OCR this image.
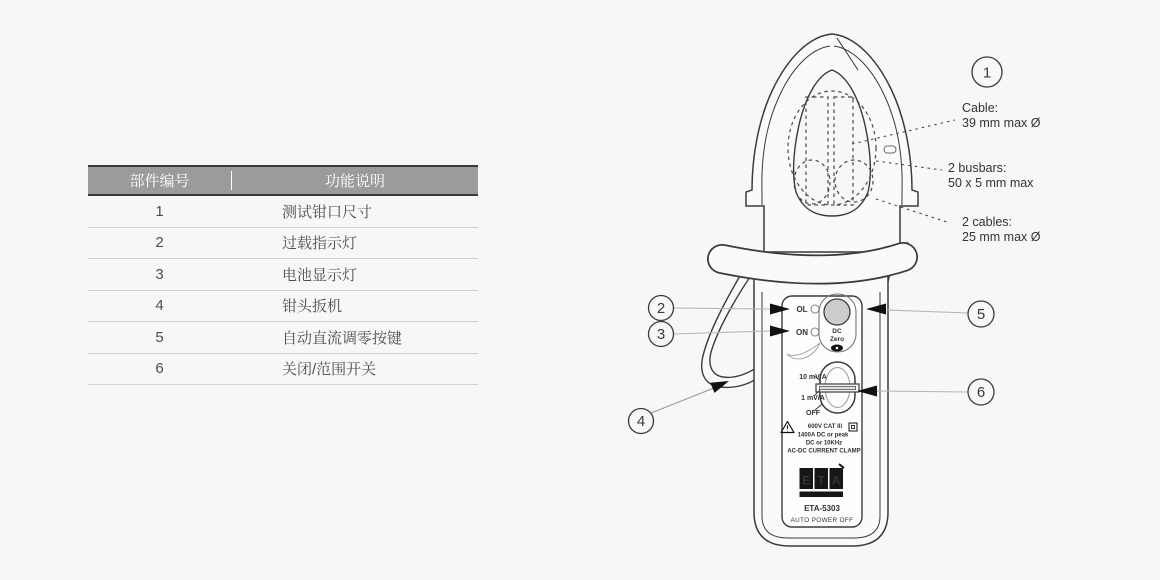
部件编号	功能说明
1	测试钳口尺寸
2	过载指示灯
3	电池显示灯
4	钳头扳机
5	自动直流调零按键
6	关闭/范围开关
OL
ON	DC
Zero
10 mV/A
1 mV/A
OFF
600V CAT III
1400A DC or peak
DC or 10KHz
AC-DC CURRENT CLAMP
E T A
ETA-5303
AUTO POWER OFF
1
2
3
4
5
6
Cable:
39 mm max Ø
2 busbars:
50 x 5 mm max
2 cables:
25 mm max Ø
